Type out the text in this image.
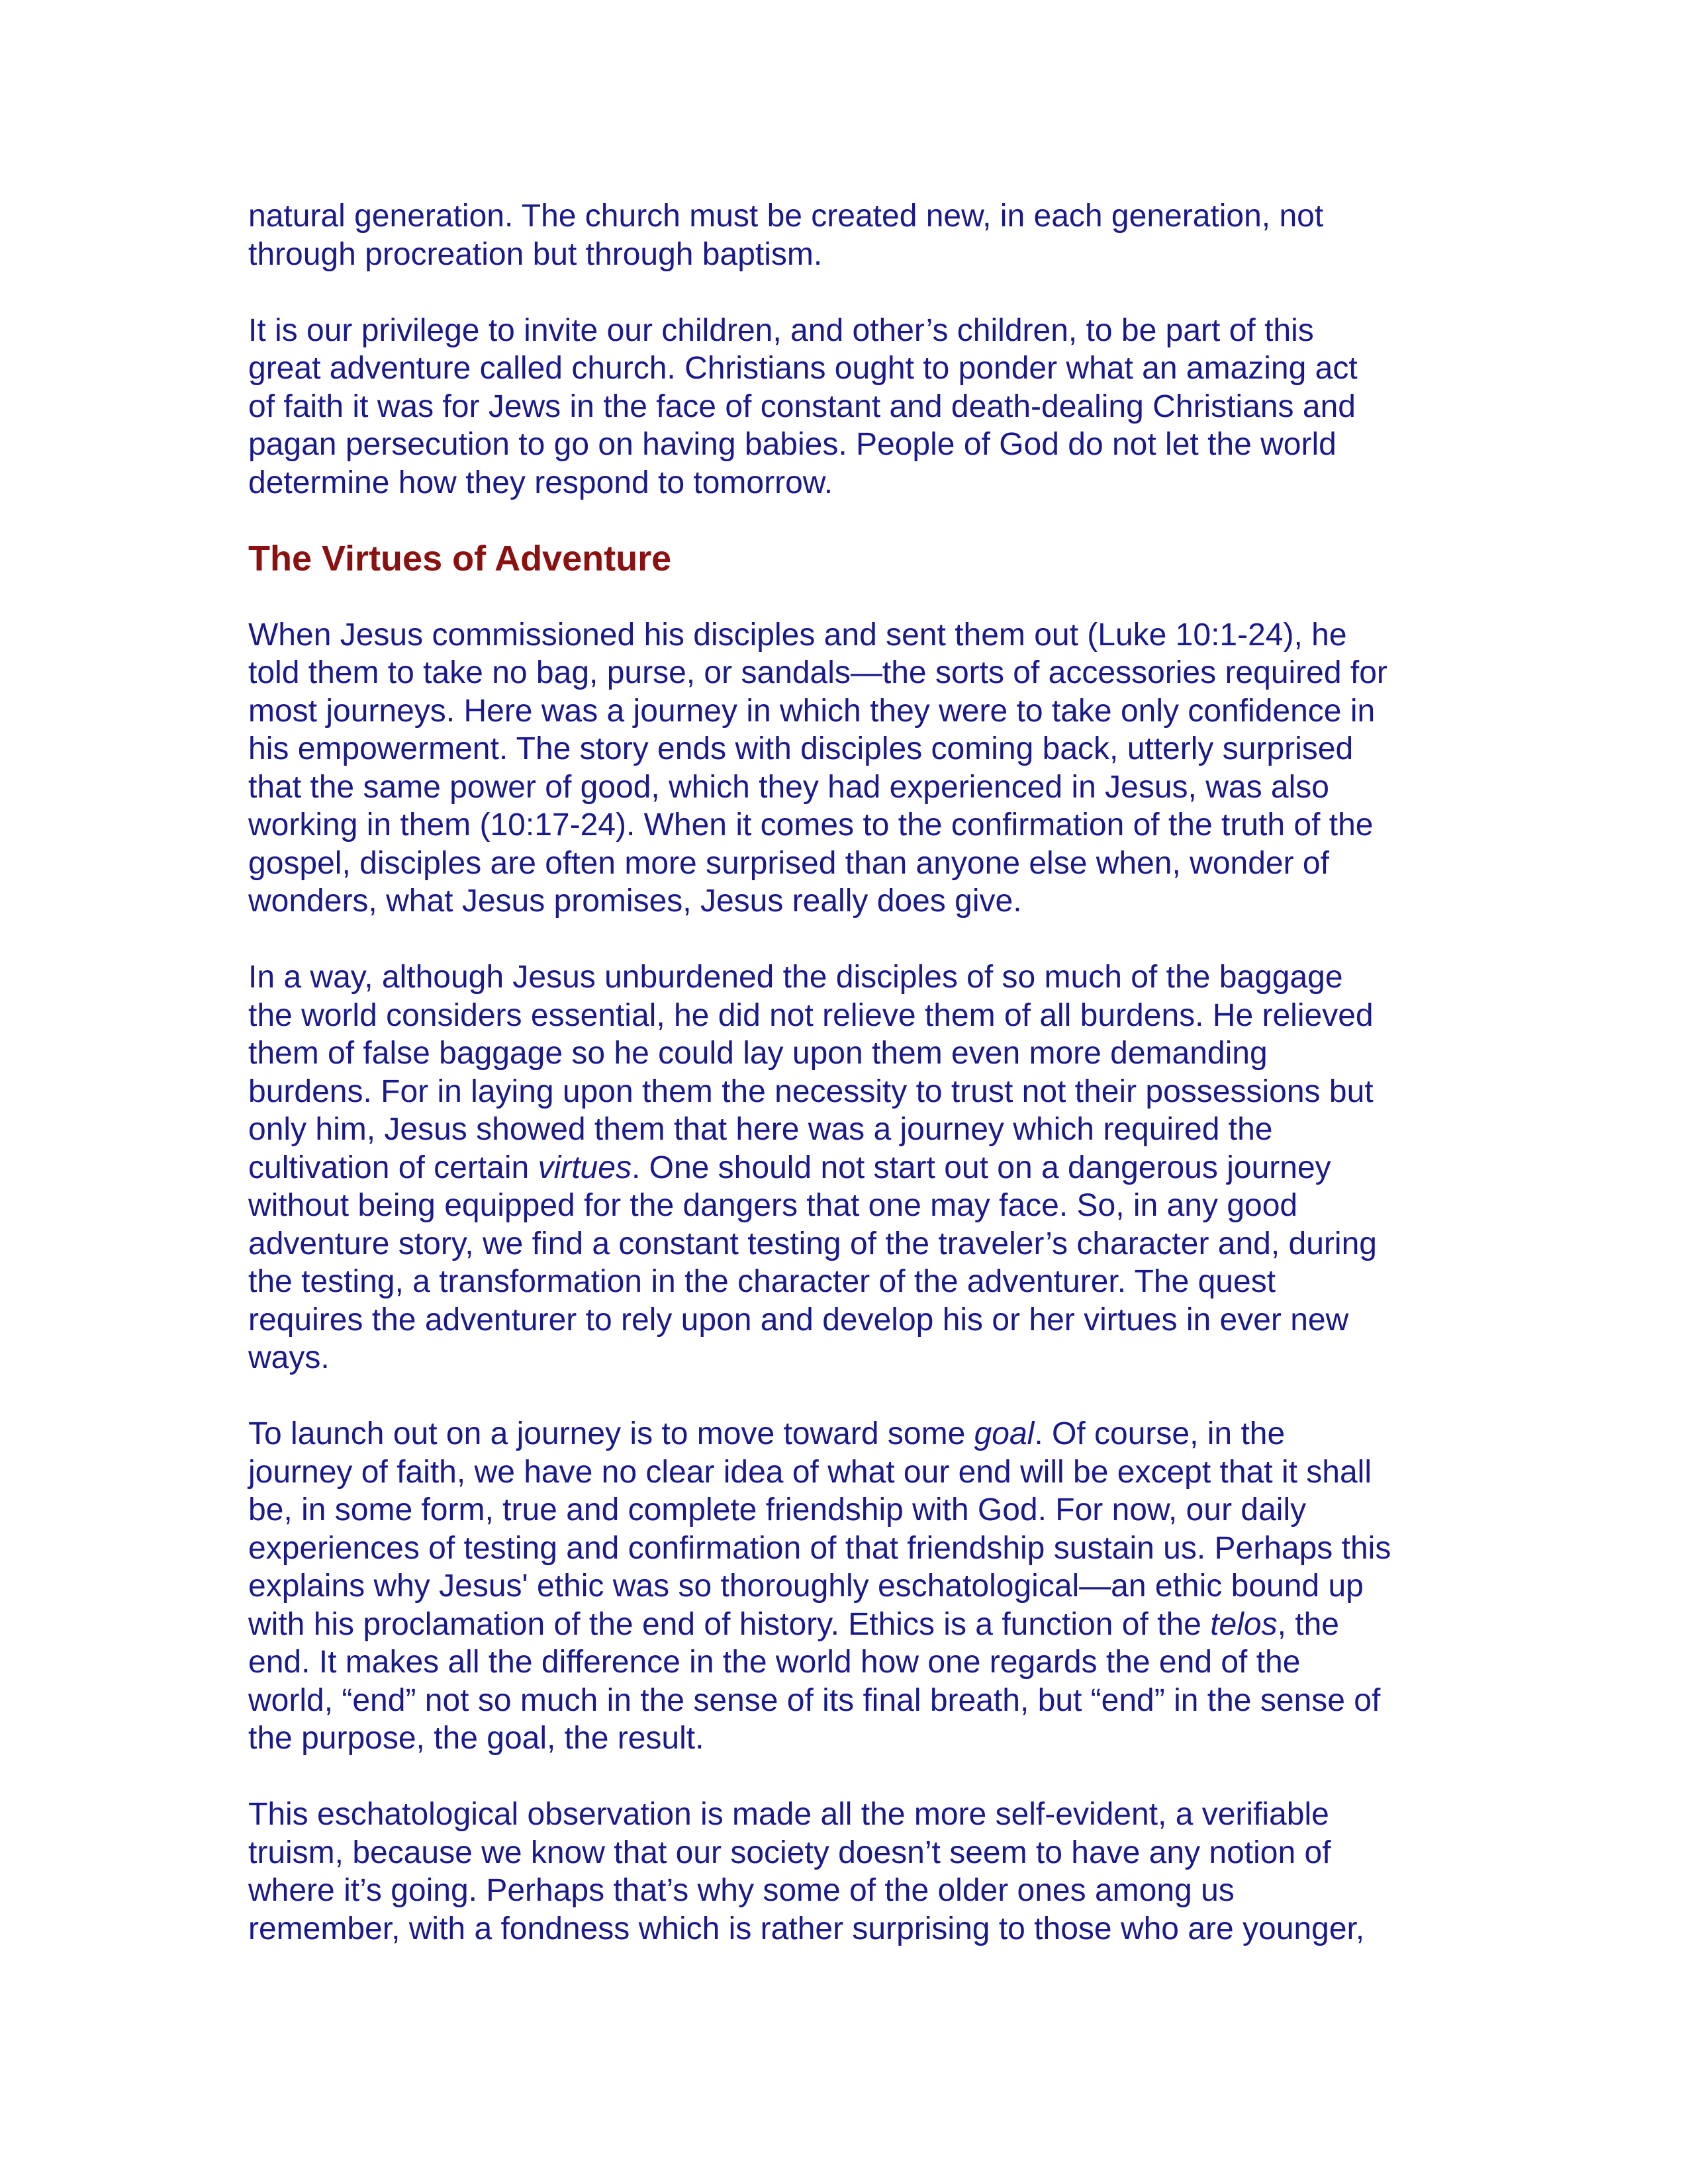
natural generation. The church must be created new, in each generation, not
through procreation but through baptism.

It is our privilege to invite our children, and other’s children, to be part of this
great adventure called church. Christians ought to ponder what an amazing act
of faith it was for Jews in the face of constant and death-dealing Christians and
pagan persecution to go on having babies. People of God do not let the world
determine how they respond to tomorrow.

The Virtues of Adventure

When Jesus commissioned his disciples and sent them out (Luke 10:1-24), he
told them to take no bag, purse, or sandals—the sorts of accessories required for
most journeys. Here was a journey in which they were to take only confidence in
his empowerment. The story ends with disciples coming back, utterly surprised
that the same power of good, which they had experienced in Jesus, was also
working in them (10:17-24). When it comes to the confirmation of the truth of the
gospel, disciples are often more surprised than anyone else when, wonder of
wonders, what Jesus promises, Jesus really does give.

In a way, although Jesus unburdened the disciples of so much of the baggage
the world considers essential, he did not relieve them of all burdens. He relieved
them of false baggage so he could lay upon them even more demanding
burdens. For in laying upon them the necessity to trust not their possessions but
only him, Jesus showed them that here was a journey which required the
cultivation of certain virtues. One should not start out on a dangerous journey
without being equipped for the dangers that one may face. So, in any good
adventure story, we find a constant testing of the traveler’s character and, during
the testing, a transformation in the character of the adventurer. The quest
requires the adventurer to rely upon and develop his or her virtues in ever new
ways.

To launch out on a journey is to move toward some goal. Of course, in the
journey of faith, we have no clear idea of what our end will be except that it shall
be, in some form, true and complete friendship with God. For now, our daily
experiences of testing and confirmation of that friendship sustain us. Perhaps this
explains why Jesus' ethic was so thoroughly eschatological—an ethic bound up
with his proclamation of the end of history. Ethics is a function of the telos, the
end. It makes all the difference in the world how one regards the end of the
world, “end” not so much in the sense of its final breath, but “end” in the sense of
the purpose, the goal, the result.

This eschatological observation is made all the more self-evident, a verifiable
truism, because we know that our society doesn’t seem to have any notion of
where it’s going. Perhaps that’s why some of the older ones among us
remember, with a fondness which is rather surprising to those who are younger,
